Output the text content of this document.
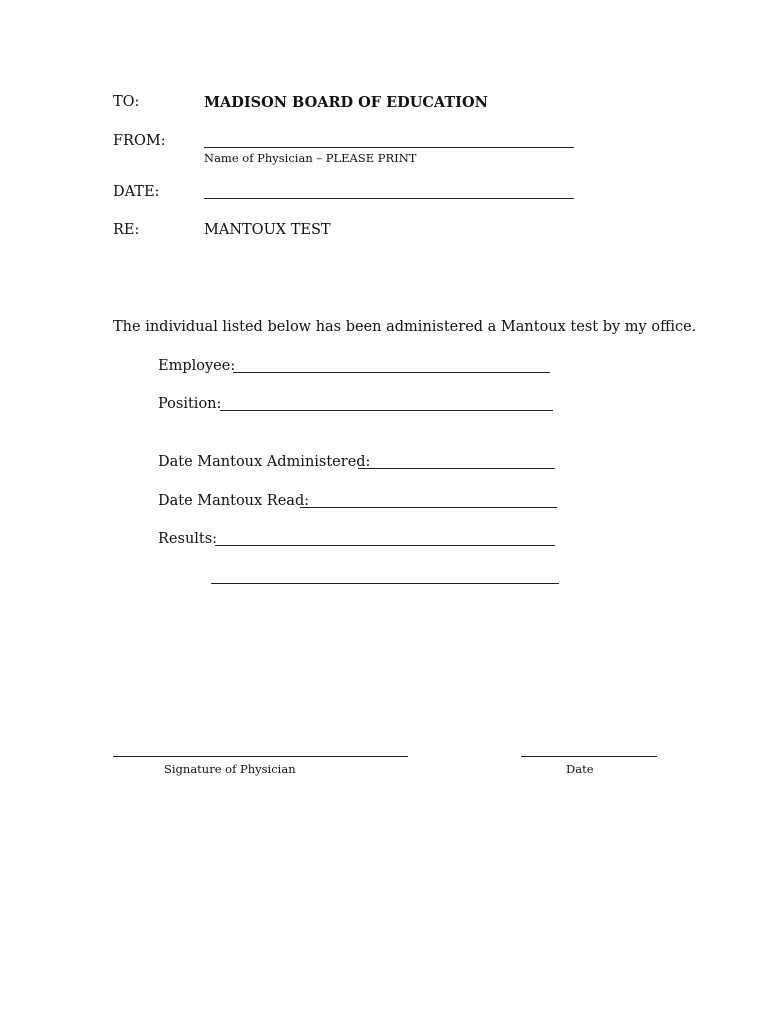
TO:	MADISON BOARD OF EDUCATION
FROM:
Name of Physician – PLEASE PRINT
DATE:
RE:	MANTOUX TEST
The individual listed below has been administered a Mantoux test by my office.
Employee:
Position:
Date Mantoux Administered:
Date Mantoux Read:
Results:
Signature of Physician	Date
